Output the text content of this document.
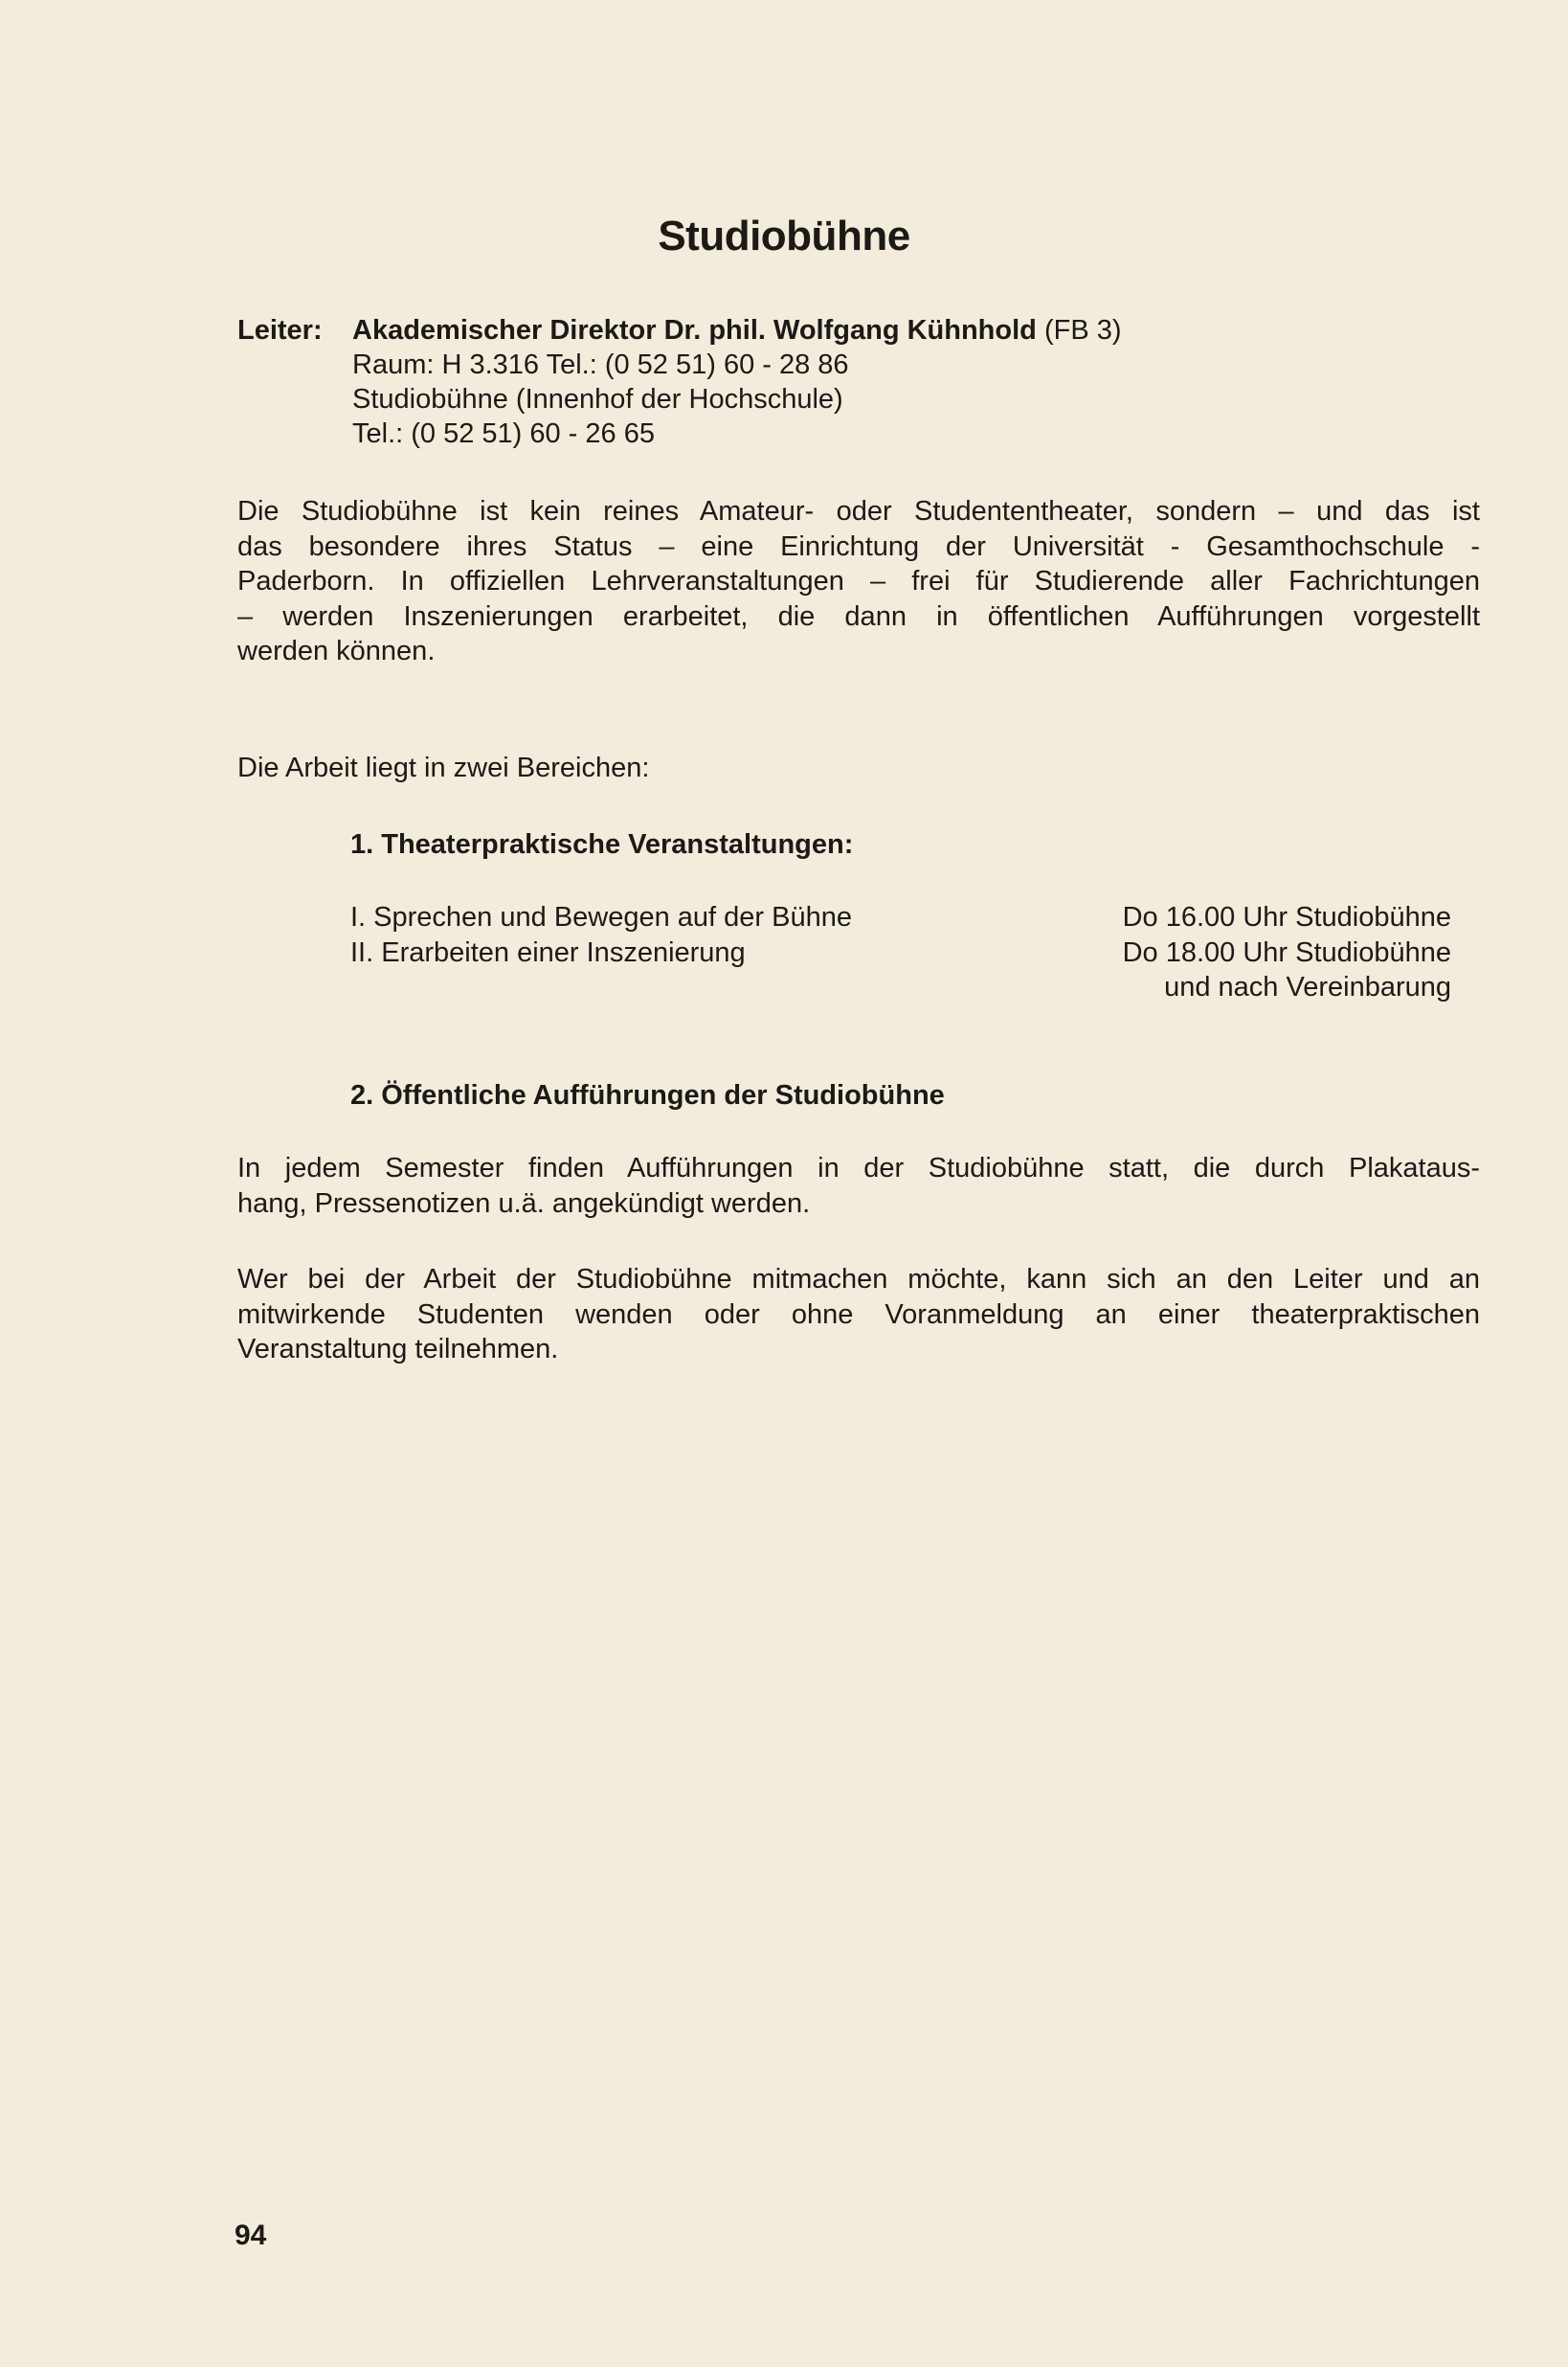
Studiobühne
Leiter: Akademischer Direktor Dr. phil. Wolfgang Kühnhold (FB 3)
Raum: H 3.316 Tel.: (0 52 51) 60 - 28 86
Studiobühne (Innenhof der Hochschule)
Tel.: (0 52 51) 60 - 26 65
Die Studiobühne ist kein reines Amateur- oder Studententheater, sondern – und das ist
das besondere ihres Status – eine Einrichtung der Universität - Gesamthochschule -
Paderborn. In offiziellen Lehrveranstaltungen – frei für Studierende aller Fachrichtungen
– werden Inszenierungen erarbeitet, die dann in öffentlichen Aufführungen vorgestellt
werden können.
Die Arbeit liegt in zwei Bereichen:
1. Theaterpraktische Veranstaltungen:
I. Sprechen und Bewegen auf der Bühne	Do 16.00 Uhr Studiobühne
II. Erarbeiten einer Inszenierung	Do 18.00 Uhr Studiobühne
und nach Vereinbarung
2. Öffentliche Aufführungen der Studiobühne
In jedem Semester finden Aufführungen in der Studiobühne statt, die durch Plakataus-
hang, Pressenotizen u.ä. angekündigt werden.
Wer bei der Arbeit der Studiobühne mitmachen möchte, kann sich an den Leiter und an
mitwirkende Studenten wenden oder ohne Voranmeldung an einer theaterpraktischen
Veranstaltung teilnehmen.
94
